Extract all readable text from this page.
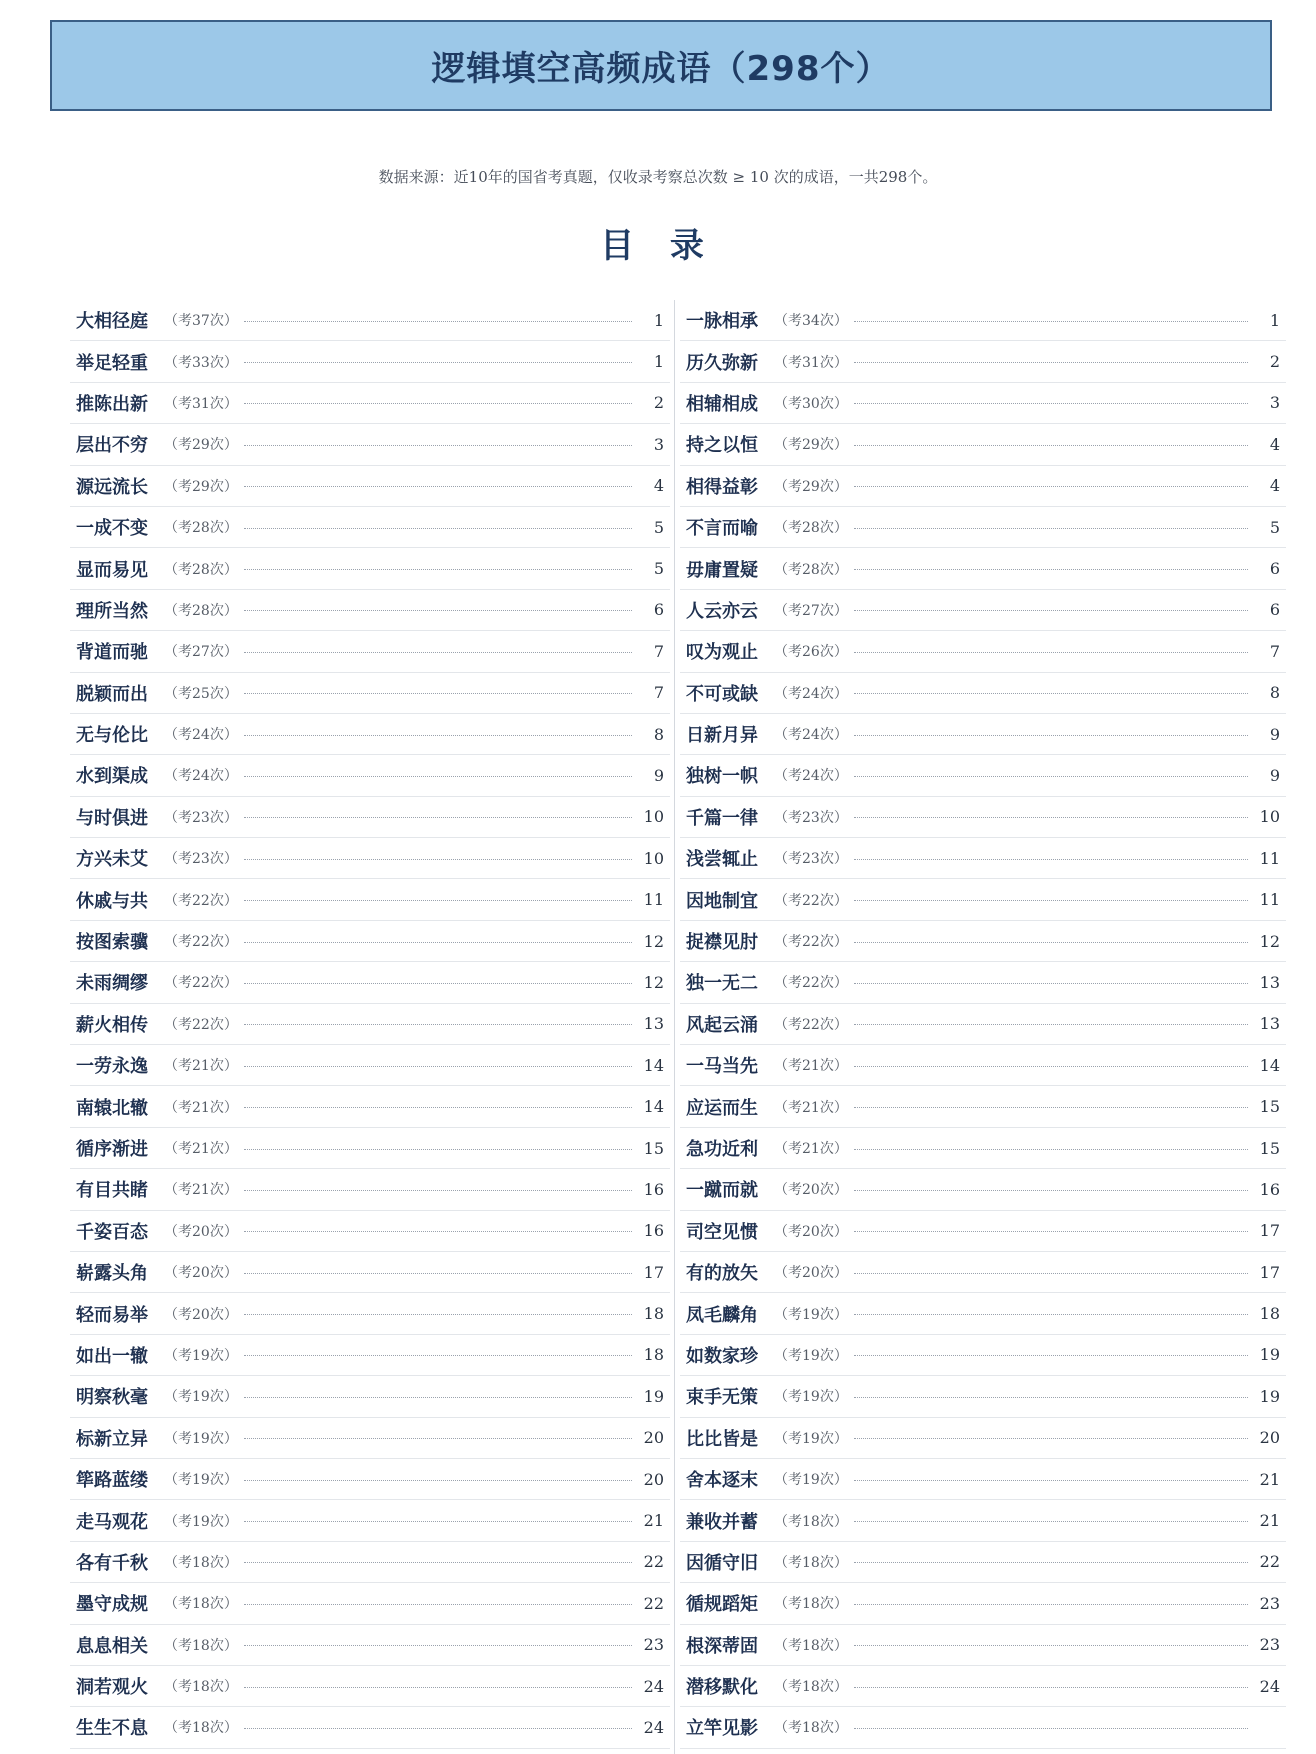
逻辑填空高频成语（298个）
数据来源：近10年的国省考真题，仅收录考察总次数 ≥ 10 次的成语，一共298个。
目 录
大相径庭	（考37次）	1
举足轻重	（考33次）	1
推陈出新	（考31次）	2
层出不穷	（考29次）	3
源远流长	（考29次）	4
一成不变	（考28次）	5
显而易见	（考28次）	5
理所当然	（考28次）	6
背道而驰	（考27次）	7
脱颖而出	（考25次）	7
无与伦比	（考24次）	8
水到渠成	（考24次）	9
与时俱进	（考23次）	10
方兴未艾	（考23次）	10
休戚与共	（考22次）	11
按图索骥	（考22次）	12
未雨绸缪	（考22次）	12
薪火相传	（考22次）	13
一劳永逸	（考21次）	14
南辕北辙	（考21次）	14
循序渐进	（考21次）	15
有目共睹	（考21次）	16
千姿百态	（考20次）	16
崭露头角	（考20次）	17
轻而易举	（考20次）	18
如出一辙	（考19次）	18
明察秋毫	（考19次）	19
标新立异	（考19次）	20
筚路蓝缕	（考19次）	20
走马观花	（考19次）	21
各有千秋	（考18次）	22
墨守成规	（考18次）	22
息息相关	（考18次）	23
洞若观火	（考18次）	24
生生不息	（考18次）	24
一脉相承	（考34次）	1
历久弥新	（考31次）	2
相辅相成	（考30次）	3
持之以恒	（考29次）	4
相得益彰	（考29次）	4
不言而喻	（考28次）	5
毋庸置疑	（考28次）	6
人云亦云	（考27次）	6
叹为观止	（考26次）	7
不可或缺	（考24次）	8
日新月异	（考24次）	9
独树一帜	（考24次）	9
千篇一律	（考23次）	10
浅尝辄止	（考23次）	11
因地制宜	（考22次）	11
捉襟见肘	（考22次）	12
独一无二	（考22次）	13
风起云涌	（考22次）	13
一马当先	（考21次）	14
应运而生	（考21次）	15
急功近利	（考21次）	15
一蹴而就	（考20次）	16
司空见惯	（考20次）	17
有的放矢	（考20次）	17
凤毛麟角	（考19次）	18
如数家珍	（考19次）	19
束手无策	（考19次）	19
比比皆是	（考19次）	20
舍本逐末	（考19次）	21
兼收并蓄	（考18次）	21
因循守旧	（考18次）	22
循规蹈矩	（考18次）	23
根深蒂固	（考18次）	23
潜移默化	（考18次）	24
立竿见影	（考18次）
